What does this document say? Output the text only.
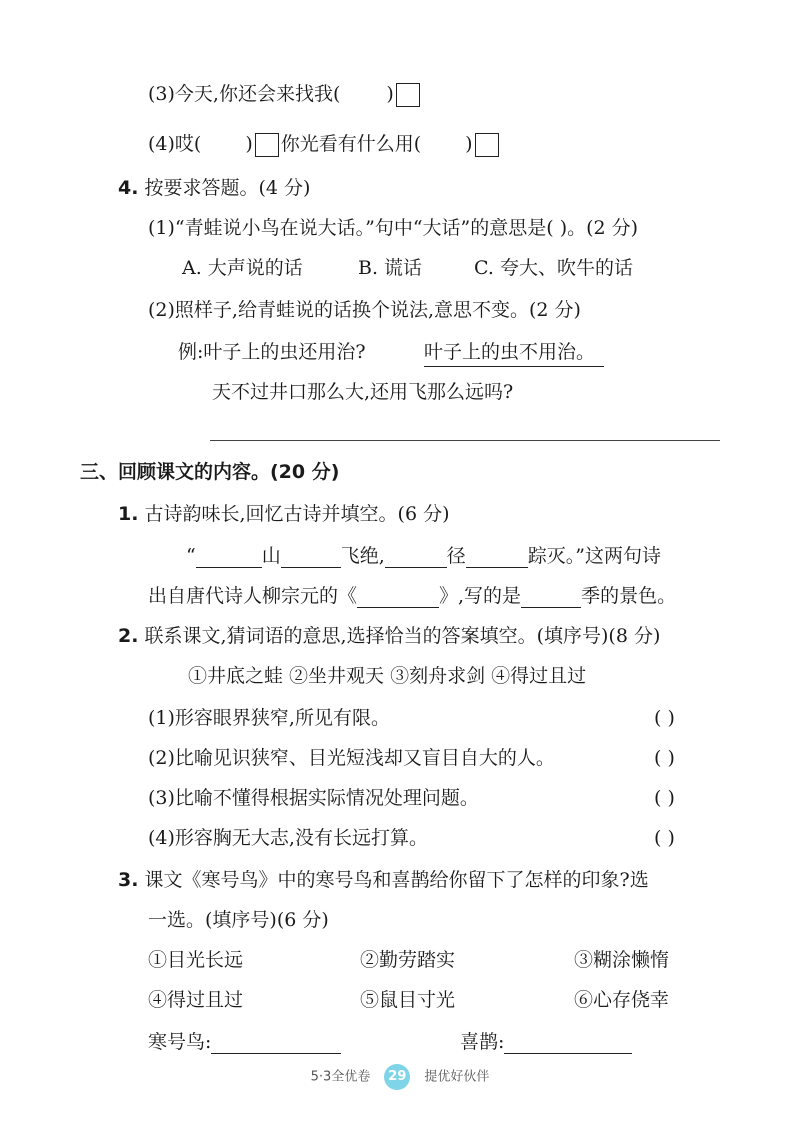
(3)今天,你还会来找我( )
(4)哎( ) 你光看有什么用( )
4. 按要求答题。(4 分)
(1)“青蛙说小鸟在说大话。”句中“大话”的意思是( )。(2 分)
A. 大声说的话	B. 谎话	C. 夸大、吹牛的话
(2)照样子,给青蛙说的话换个说法,意思不变。(2 分)
例:叶子上的虫还用治?	叶子上的虫不用治。
天不过井口那么大,还用飞那么远吗?
三、回顾课文的内容。(20 分)
1. 古诗韵味长,回忆古诗并填空。(6 分)
“	山	飞绝,	径	踪灭。”这两句诗
出自唐代诗人柳宗元的《	》,写的是	季的景色。
2. 联系课文,猜词语的意思,选择恰当的答案填空。(填序号)(8 分)
①井底之蛙 ②坐井观天 ③刻舟求剑 ④得过且过
(1)形容眼界狭窄,所见有限。	( )
(2)比喻见识狭窄、目光短浅却又盲目自大的人。	( )
(3)比喻不懂得根据实际情况处理问题。	( )
(4)形容胸无大志,没有长远打算。	( )
3. 课文《寒号鸟》中的寒号鸟和喜鹊给你留下了怎样的印象?选
一选。(填序号)(6 分)
①目光长远	②勤劳踏实	③糊涂懒惰
④得过且过	⑤鼠目寸光	⑥心存侥幸
寒号鸟:	喜鹊:
5·3全优卷 29 提优好伙伴
